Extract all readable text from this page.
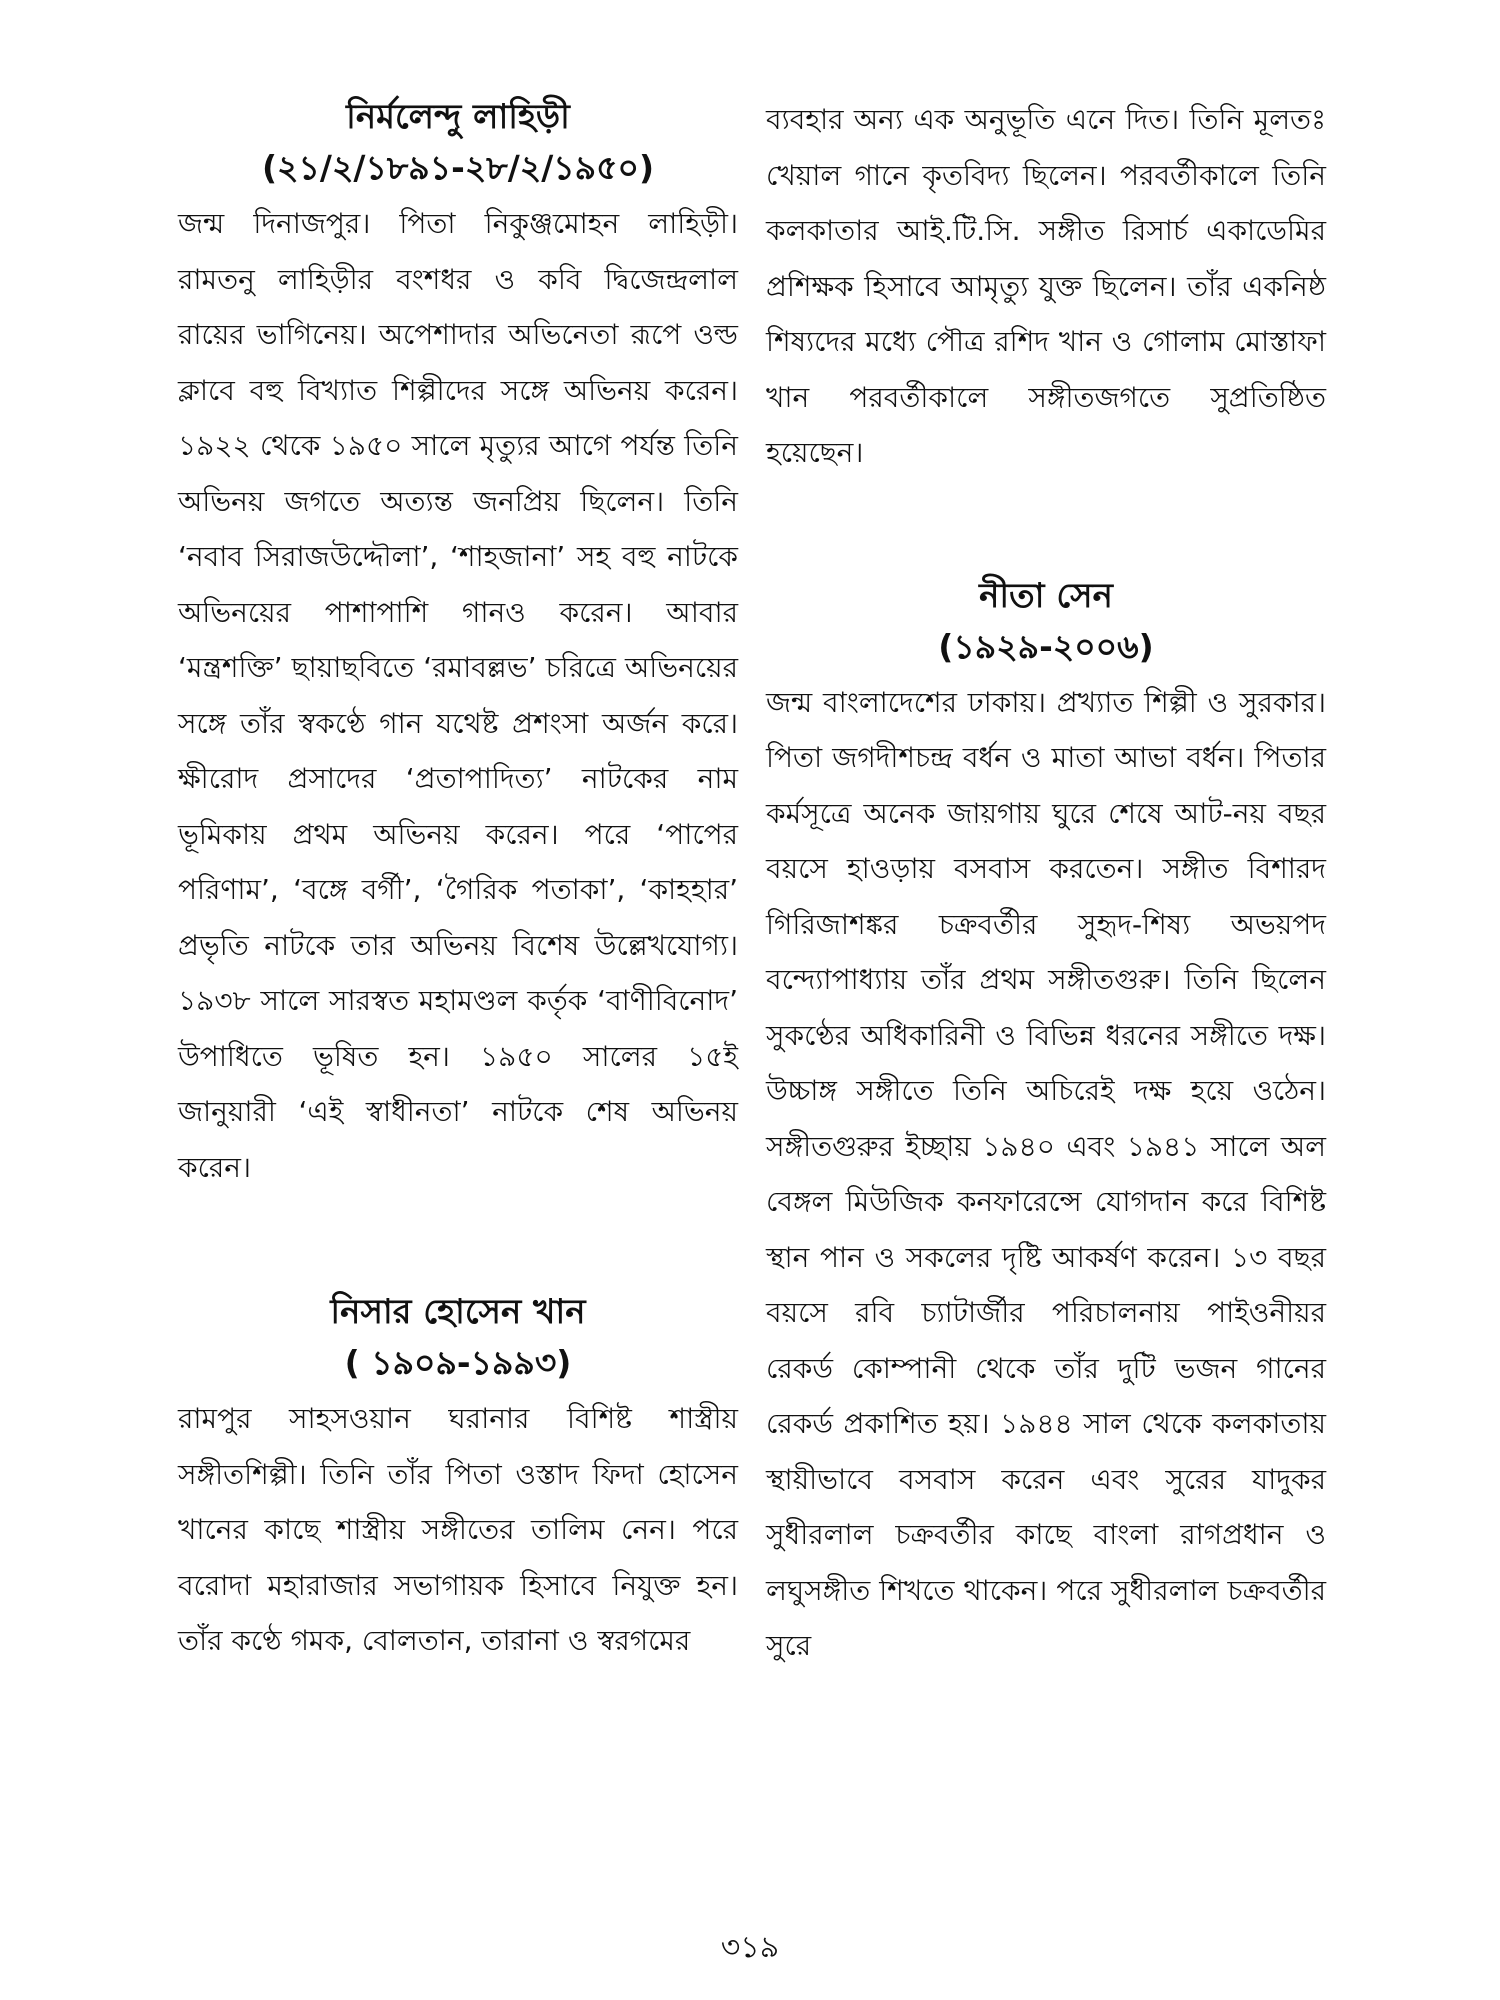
নির্মলেন্দু লাহিড়ী
(২১/২/১৮৯১-২৮/২/১৯৫০)

জন্ম দিনাজপুর। পিতা নিকুঞ্জমোহন লাহিড়ী। রামতনু লাহিড়ীর বংশধর ও কবি দ্বিজেন্দ্রলাল রায়ের ভাগিনেয়। অপেশাদার অভিনেতা রূপে ওল্ড ক্লাবে বহু বিখ্যাত শিল্পীদের সঙ্গে অভিনয় করেন। ১৯২২ থেকে ১৯৫০ সালে মৃত্যুর আগে পর্যন্ত তিনি অভিনয় জগতে অত্যন্ত জনপ্রিয় ছিলেন। তিনি ‘নবাব সিরাজউদ্দৌলা’, ‘শাহজানা’ সহ বহু নাটকে অভিনয়ের পাশাপাশি গানও করেন। আবার ‘মন্ত্রশক্তি’ ছায়াছবিতে ‘রমাবল্লভ’ চরিত্রে অভিনয়ের সঙ্গে তাঁর স্বকণ্ঠে গান যথেষ্ট প্রশংসা অর্জন করে। ক্ষীরোদ প্রসাদের ‘প্রতাপাদিত্য’ নাটকের নাম ভূমিকায় প্রথম অভিনয় করেন। পরে ‘পাপের পরিণাম’, ‘বঙ্গে বর্গী’, ‘গৈরিক পতাকা’, ‘কাহহার’ প্রভৃতি নাটকে তার অভিনয় বিশেষ উল্লেখযোগ্য। ১৯৩৮ সালে সারস্বত মহামণ্ডল কর্তৃক ‘বাণীবিনোদ’ উপাধিতে ভূষিত হন। ১৯৫০ সালের ১৫ই জানুয়ারী ‘এই স্বাধীনতা’ নাটকে শেষ অভিনয় করেন।

নিসার হোসেন খান
( ১৯০৯-১৯৯৩)

রামপুর সাহসওয়ান ঘরানার বিশিষ্ট শাস্ত্রীয় সঙ্গীতশিল্পী। তিনি তাঁর পিতা ওস্তাদ ফিদা হোসেন খানের কাছে শাস্ত্রীয় সঙ্গীতের তালিম নেন। পরে বরোদা মহারাজার সভাগায়ক হিসাবে নিযুক্ত হন। তাঁর কণ্ঠে গমক, বোলতান, তারানা ও স্বরগমের

ব্যবহার অন্য এক অনুভূতি এনে দিত। তিনি মূলতঃ খেয়াল গানে কৃতবিদ্য ছিলেন। পরবর্তীকালে তিনি কলকাতার আই.টি.সি. সঙ্গীত রিসার্চ একাডেমির প্রশিক্ষক হিসাবে আমৃত্যু যুক্ত ছিলেন। তাঁর একনিষ্ঠ শিষ্যদের মধ্যে পৌত্র রশিদ খান ও গোলাম মোস্তাফা খান পরবর্তীকালে সঙ্গীতজগতে সুপ্রতিষ্ঠিত হয়েছেন।

নীতা সেন
(১৯২৯-২০০৬)

জন্ম বাংলাদেশের ঢাকায়। প্রখ্যাত শিল্পী ও সুরকার। পিতা জগদীশচন্দ্র বর্ধন ও মাতা আভা বর্ধন। পিতার কর্মসূত্রে অনেক জায়গায় ঘুরে শেষে আট-নয় বছর বয়সে হাওড়ায় বসবাস করতেন। সঙ্গীত বিশারদ গিরিজাশঙ্কর চক্রবর্তীর সুহৃদ-শিষ্য অভয়পদ বন্দ্যোপাধ্যায় তাঁর প্রথম সঙ্গীতগুরু। তিনি ছিলেন সুকণ্ঠের অধিকারিনী ও বিভিন্ন ধরনের সঙ্গীতে দক্ষ। উচ্চাঙ্গ সঙ্গীতে তিনি অচিরেই দক্ষ হয়ে ওঠেন। সঙ্গীতগুরুর ইচ্ছায় ১৯৪০ এবং ১৯৪১ সালে অল বেঙ্গল মিউজিক কনফারেন্সে যোগদান করে বিশিষ্ট স্থান পান ও সকলের দৃষ্টি আকর্ষণ করেন। ১৩ বছর বয়সে রবি চ্যাটার্জীর পরিচালনায় পাইওনীয়র রেকর্ড কোম্পানী থেকে তাঁর দুটি ভজন গানের রেকর্ড প্রকাশিত হয়। ১৯৪৪ সাল থেকে কলকাতায় স্থায়ীভাবে বসবাস করেন এবং সুরের যাদুকর সুধীরলাল চক্রবর্তীর কাছে বাংলা রাগপ্রধান ও লঘুসঙ্গীত শিখতে থাকেন। পরে সুধীরলাল চক্রবর্তীর সুরে

৩১৯
